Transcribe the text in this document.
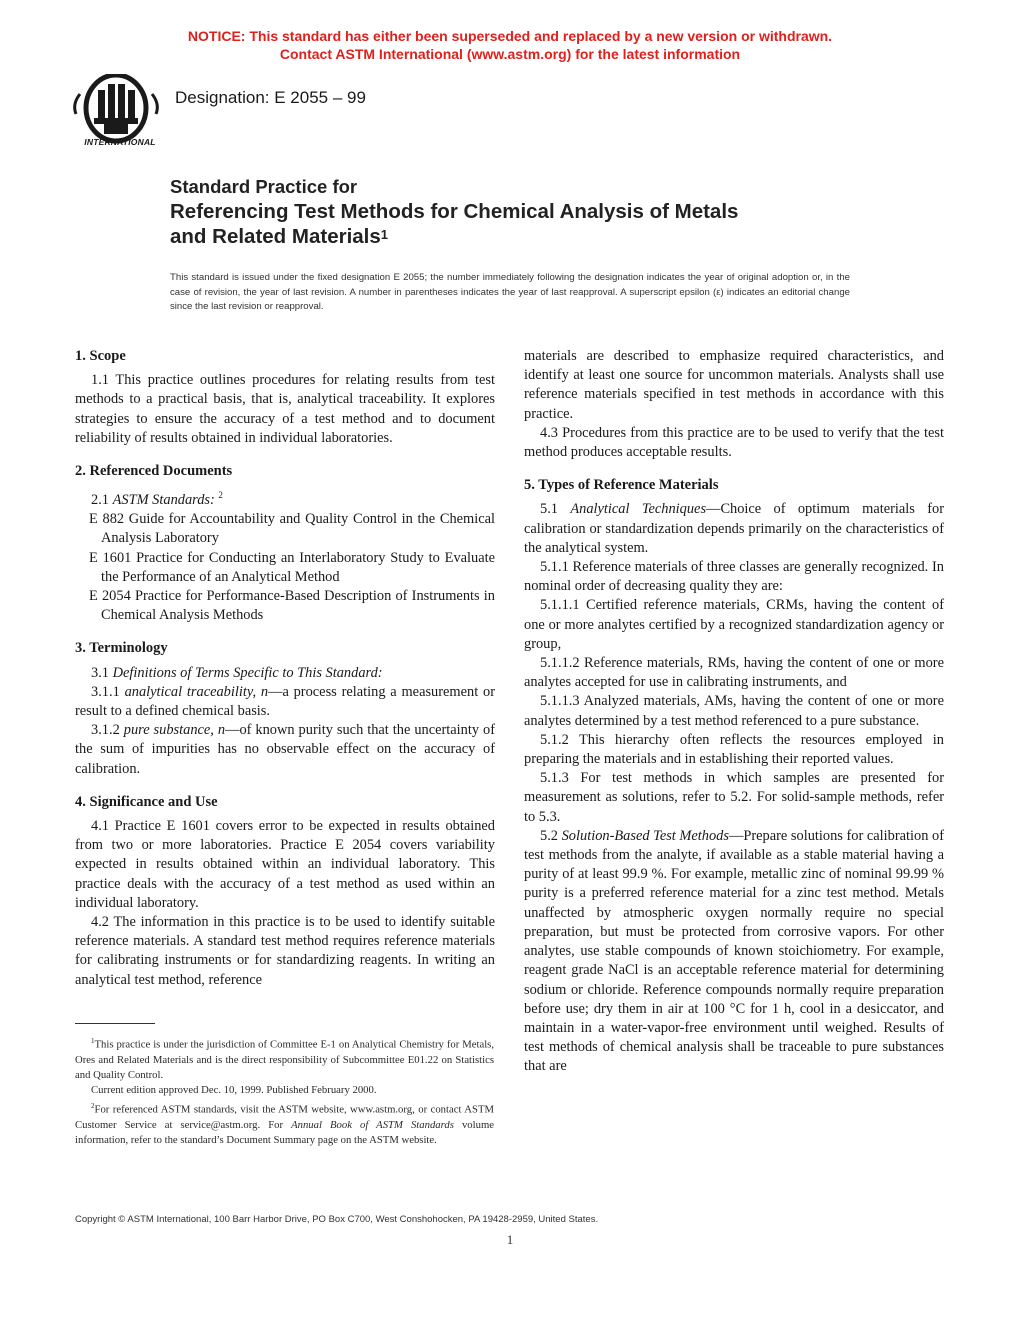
NOTICE: This standard has either been superseded and replaced by a new version or withdrawn.
Contact ASTM International (www.astm.org) for the latest information
INTERNATIONAL
Designation: E 2055 – 99
Standard Practice for
Referencing Test Methods for Chemical Analysis of Metals
and Related Materials$^1$
This standard is issued under the fixed designation E 2055; the number immediately following the designation indicates the year of original adoption or, in the case of revision, the year of last revision. A number in parentheses indicates the year of last reapproval. A superscript epsilon (ε) indicates an editorial change since the last revision or reapproval.
1. Scope

1.1 This practice outlines procedures for relating results from test methods to a practical basis, that is, analytical traceability. It explores strategies to ensure the accuracy of a test method and to document reliability of results obtained in individual laboratories.

2. Referenced Documents

2.1 ASTM Standards: $^2$

E 882 Guide for Accountability and Quality Control in the Chemical Analysis Laboratory

E 1601 Practice for Conducting an Interlaboratory Study to Evaluate the Performance of an Analytical Method

E 2054 Practice for Performance-Based Description of Instruments in Chemical Analysis Methods

3. Terminology

3.1 Definitions of Terms Specific to This Standard:

3.1.1 analytical traceability, n—a process relating a measurement or result to a defined chemical basis.

3.1.2 pure substance, n—of known purity such that the uncertainty of the sum of impurities has no observable effect on the accuracy of calibration.

4. Significance and Use

4.1 Practice E 1601 covers error to be expected in results obtained from two or more laboratories. Practice E 2054 covers variability expected in results obtained within an individual laboratory. This practice deals with the accuracy of a test method as used within an individual laboratory.

4.2 The information in this practice is to be used to identify suitable reference materials. A standard test method requires reference materials for calibrating instruments or for standardizing reagents. In writing an analytical test method, reference

materials are described to emphasize required characteristics, and identify at least one source for uncommon materials. Analysts shall use reference materials specified in test methods in accordance with this practice.

4.3 Procedures from this practice are to be used to verify that the test method produces acceptable results.

5. Types of Reference Materials

5.1 Analytical Techniques—Choice of optimum materials for calibration or standardization depends primarily on the characteristics of the analytical system.

5.1.1 Reference materials of three classes are generally recognized. In nominal order of decreasing quality they are:

5.1.1.1 Certified reference materials, CRMs, having the content of one or more analytes certified by a recognized standardization agency or group,

5.1.1.2 Reference materials, RMs, having the content of one or more analytes accepted for use in calibrating instruments, and

5.1.1.3 Analyzed materials, AMs, having the content of one or more analytes determined by a test method referenced to a pure substance.

5.1.2 This hierarchy often reflects the resources employed in preparing the materials and in establishing their reported values.

5.1.3 For test methods in which samples are presented for measurement as solutions, refer to 5.2. For solid-sample methods, refer to 5.3.

5.2 Solution-Based Test Methods—Prepare solutions for calibration of test methods from the analyte, if available as a stable material having a purity of at least 99.9 %. For example, metallic zinc of nominal 99.99 % purity is a preferred reference material for a zinc test method. Metals unaffected by atmospheric oxygen normally require no special preparation, but must be protected from corrosive vapors. For other analytes, use stable compounds of known stoichiometry. For example, reagent grade NaCl is an acceptable reference material for determining sodium or chloride. Reference compounds normally require preparation before use; dry them in air at 100 °C for 1 h, cool in a desiccator, and maintain in a water-vapor-free environment until weighed. Results of test methods of chemical analysis shall be traceable to pure substances that are

$^1$This practice is under the jurisdiction of Committee E-1 on Analytical Chemistry for Metals, Ores and Related Materials and is the direct responsibility of Subcommittee E01.22 on Statistics and Quality Control.

Current edition approved Dec. 10, 1999. Published February 2000.

$^2$For referenced ASTM standards, visit the ASTM website, www.astm.org, or contact ASTM Customer Service at service@astm.org. For Annual Book of ASTM Standards volume information, refer to the standard’s Document Summary page on the ASTM website.

Copyright © ASTM International, 100 Barr Harbor Drive, PO Box C700, West Conshohocken, PA 19428-2959, United States.
1
